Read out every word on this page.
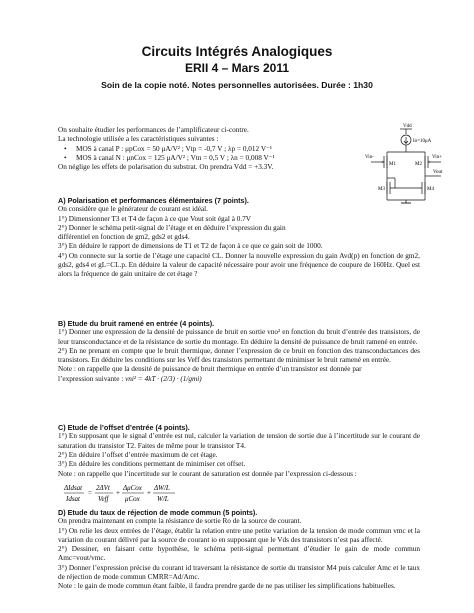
Circuits Intégrés Analogiques
ERII 4 – Mars 2011
Soin de la copie noté. Notes personnelles autorisées. Durée : 1h30
On souhaite étudier les performances de l’amplificateur ci-contre.
La technologie utilisée a les caractéristiques suivantes :
• MOS à canal P : μpCox = 50 μA/V² ; Vtp = -0,7 V ; λp = 0,012 V⁻¹
• MOS à canal N : μnCox = 125 μA/V² ; Vtn = 0,5 V ; λn = 0,008 V⁻¹
On néglige les effets de polarisation du substrat. On prendra Vdd = +3.3V.
Vdd
Io=10μA
Vin-
M1
Vin+
M2
Vout
M3	M4
A) Polarisation et performances élémentaires (7 points).
On considère que le générateur de courant est idéal.
1°) Dimensionner T3 et T4 de façon à ce que Vout soit égal à 0.7V
2°) Donner le schéma petit-signal de l’étage et en déduire l’expression du gain
différentiel en fonction de gm2, gds2 et gds4.
3°) En déduire le rapport de dimensions de T1 et T2 de façon à ce que ce gain soit de 1000.
4°) On connecte sur la sortie de l’étage une capacité CL. Donner la nouvelle expression du gain Avd(p) en fonction de gm2, gds2, gds4 et gL=CL.p. En déduire la valeur de capacité nécessaire pour avoir une fréquence de coupure de 160Hz. Quel est alors la fréquence de gain unitaire de cet étage ?
B) Etude du bruit ramené en entrée (4 points).
1°) Donner une expression de la densité de puissance de bruit en sortie vno² en fonction du bruit d’entrée des transistors, de leur transconductance et de la résistance de sortie du montage. En déduire la densité de puissance de bruit ramené en entrée.
2°) En ne prenant en compte que le bruit thermique, donner l’expression de ce bruit en fonction des transconductances des transistors. En déduire les conditions sur les Veff des transistors permettant de minimiser le bruit ramené en entrée.
Note : on rappelle que la densité de puissance de bruit thermique en entrée d’un transistor est donnée par
l’expression suivante : vni² = 4kT · (2/3) · (1/gmi)
C) Etude de l’offset d’entrée (4 points).
1°) En supposant que le signal d’entrée est nul, calculer la variation de tension de sortie due à l’incertitude sur le courant de saturation du transistor T2. Faites de même pour le transistor T4.
2°) En déduire l’offset d’entrée maximum de cet étage.
3°) En déduire les conditions permettant de minimiser cet offset.
Note : on rappelle que l’incertitude sur le courant de saturation est donnée par l’expression ci-dessous :
ΔIdsat
Idsat
=
2ΔVt
Veff
+
ΔμCox
μCox
+
ΔW/L
W/L
D) Etude du taux de réjection de mode commun (5 points).
On prendra maintenant en compte la résistance de sortie Ro de la source de courant.
1°) On relie les deux entrées de l’étage, établir la relation entre une petite variation de la tension de mode commun vmc et la variation du courant délivré par la source de courant io en supposant que le Vds des transistors n’est pas affecté.
2°) Dessiner, en faisant cette hypothèse, le schéma petit-signal permettant d’étudier le gain de mode commun Amc=vout/vmc.
3°) Donner l’expression précise du courant id traversant la résistance de sortie du transistor M4 puis calculer Amc et le taux de réjection de mode commun CMRR=Ad/Amc.
Note : le gain de mode commun étant faible, il faudra prendre garde de ne pas utiliser les simplifications habituelles.
